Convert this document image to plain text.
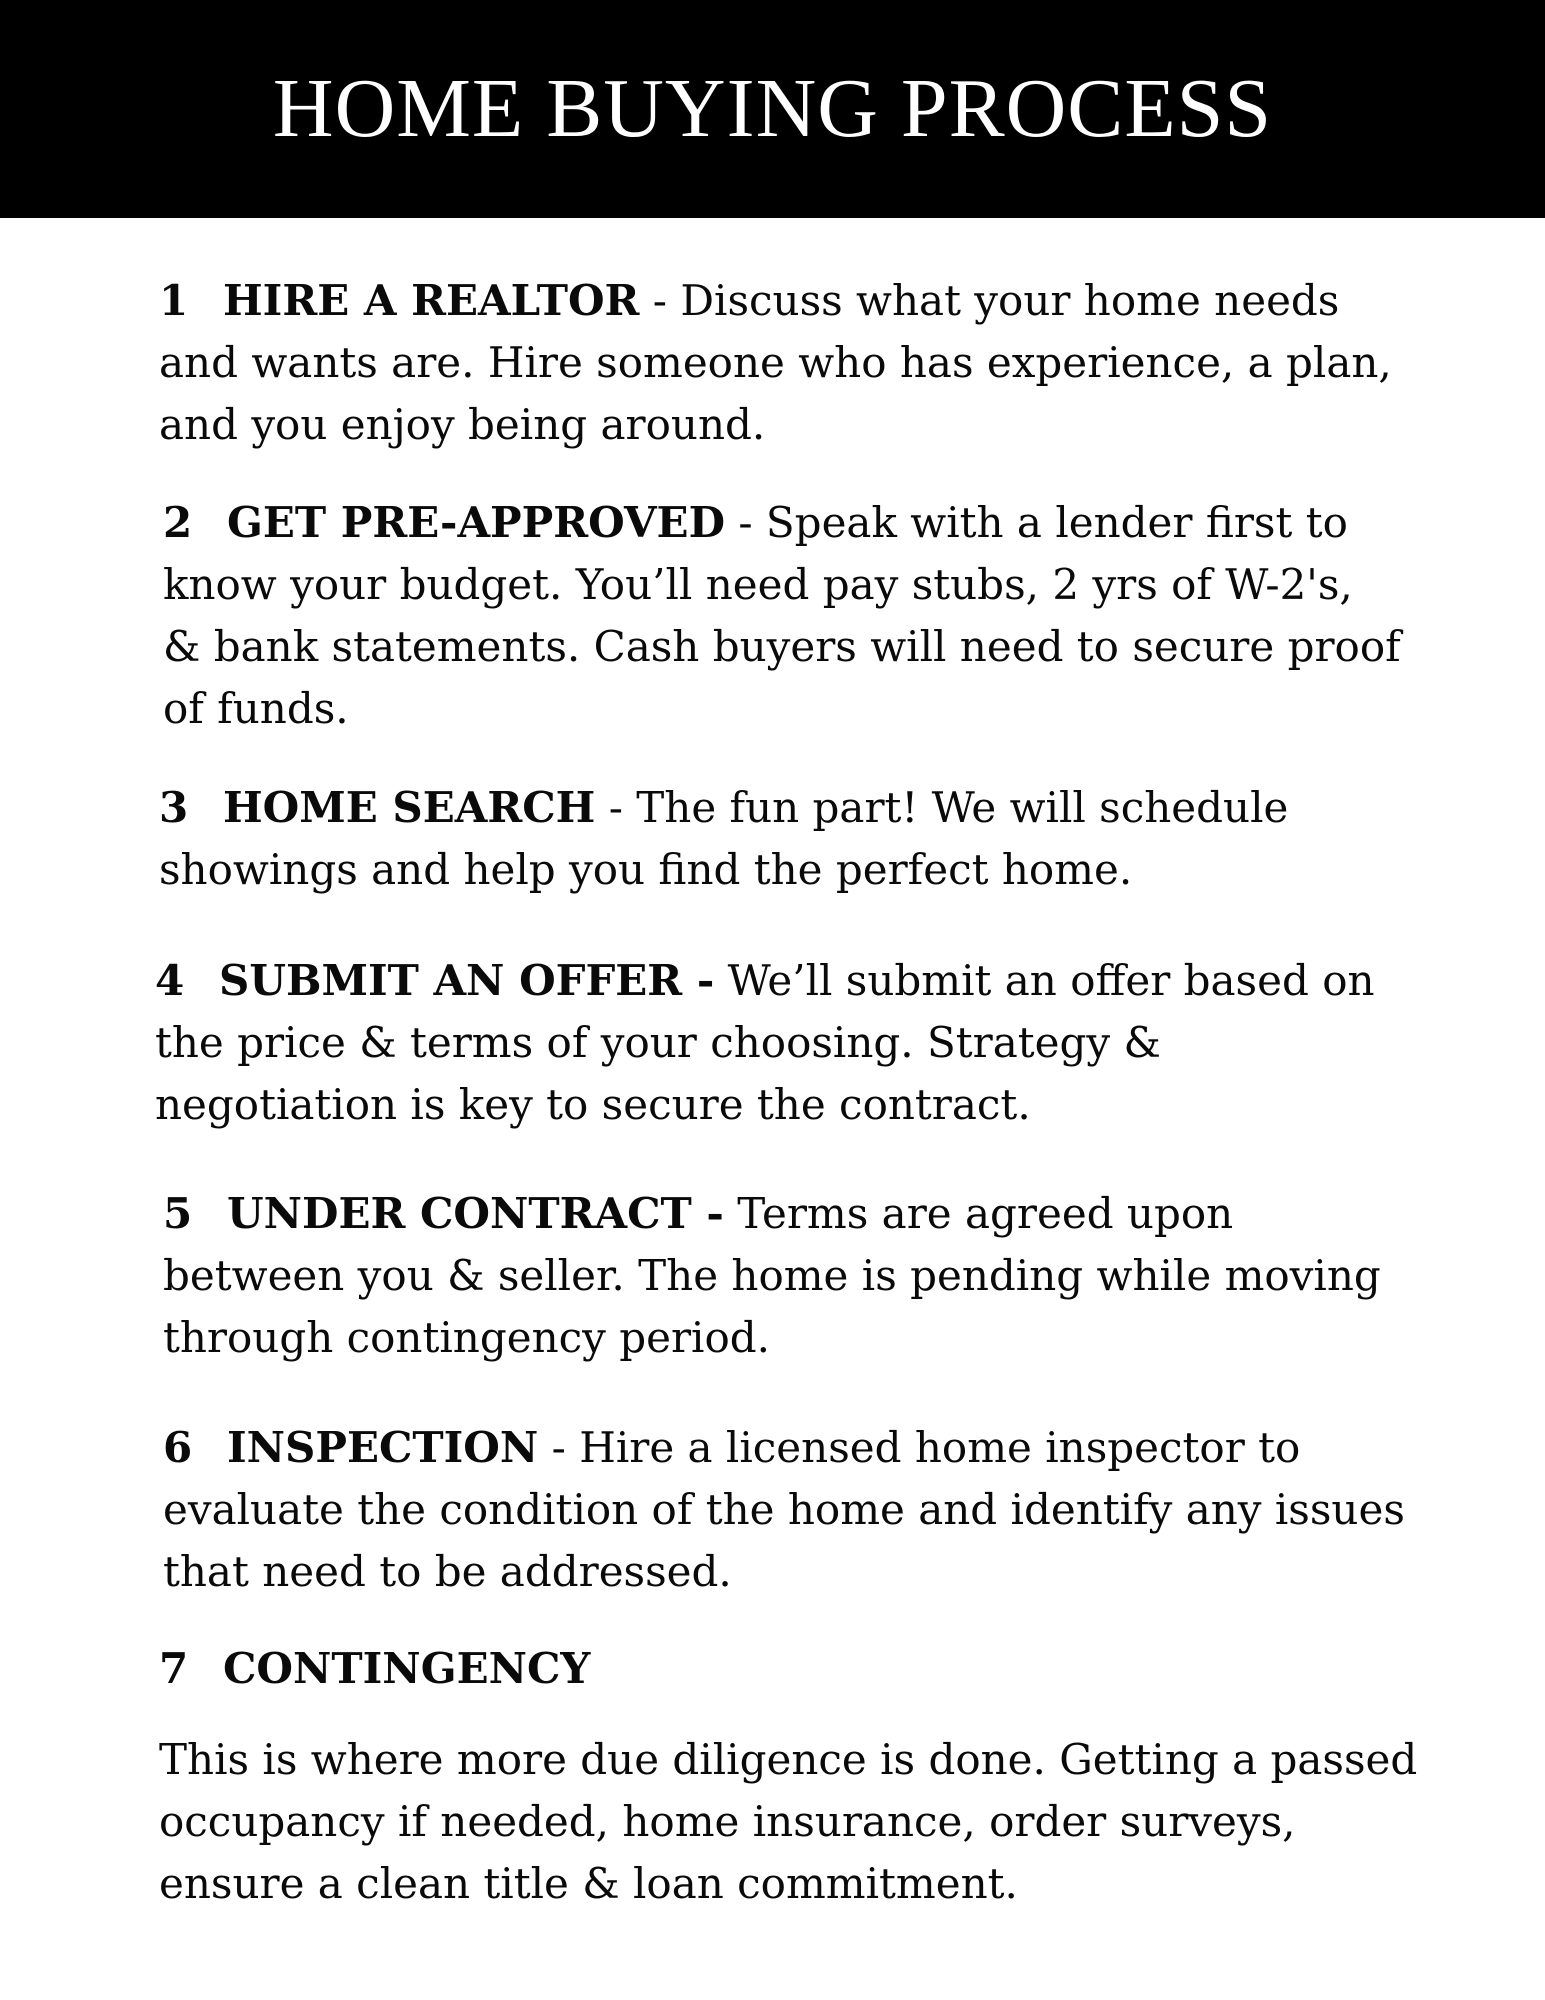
HOME BUYING PROCESS

1 HIRE A REALTOR - Discuss what your home needs and wants are. Hire someone who has experience, a plan, and you enjoy being around.

2 GET PRE-APPROVED - Speak with a lender first to know your budget. You’ll need pay stubs, 2 yrs of W-2's, & bank statements. Cash buyers will need to secure proof of funds.

3 HOME SEARCH - The fun part! We will schedule showings and help you find the perfect home.

4 SUBMIT AN OFFER - We’ll submit an offer based on the price & terms of your choosing. Strategy & negotiation is key to secure the contract.

5 UNDER CONTRACT - Terms are agreed upon between you & seller. The home is pending while moving through contingency period.

6 INSPECTION - Hire a licensed home inspector to evaluate the condition of the home and identify any issues that need to be addressed.

7 CONTINGENCY

This is where more due diligence is done. Getting a passed occupancy if needed, home insurance, order surveys, ensure a clean title & loan commitment.
